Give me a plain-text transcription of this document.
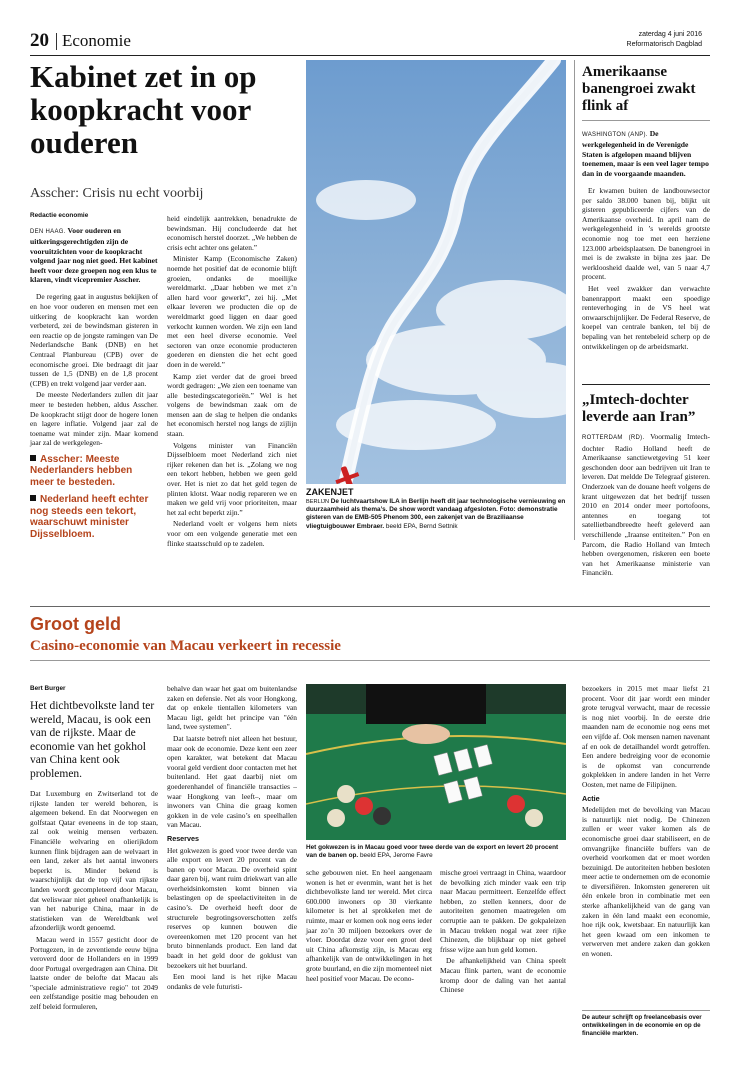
20 Economie	zaterdag 4 juni 2016
Reformatorisch Dagblad
Kabinet zet in op koopkracht voor ouderen
Asscher: Crisis nu echt voorbij
Redactie economie
DEN HAAG. Voor ouderen en uitkeringsgerechtigden zijn de vooruitzichten voor de koopkracht volgend jaar nog niet goed. Het kabinet heeft voor deze groepen nog een klus te klaren, vindt vicepremier Asscher.

De regering gaat in augustus bekijken of en hoe voor ouderen en mensen met een uitkering de koopkracht kan worden verbeterd, zei de bewindsman gisteren in een reactie op de jongste ramingen van De Nederlandsche Bank (DNB) en het Centraal Planbureau (CPB) over de economische groei. Die bedraagt dit jaar tussen de 1,5 (DNB) en de 1,8 procent (CPB) en trekt volgend jaar verder aan.

De meeste Nederlanders zullen dit jaar meer te besteden hebben, aldus Asscher. De koopkracht stijgt door de hogere lonen en lagere inflatie. Volgend jaar zal de toename wat minder zijn. Maar komend jaar zal de werkgelegen-

Asscher: Meeste Nederlanders hebben meer te besteden.
Nederland heeft echter nog steeds een tekort, waarschuwt minister Dijsselbloem.

heid eindelijk aantrekken, benadrukte de bewindsman. Hij concludeerde dat het economisch herstel doorzet. „We hebben de crisis echt achter ons gelaten.”

Minister Kamp (Economische Zaken) noemde het positief dat de economie blijft groeien, ondanks de moeilijke wereldmarkt. „Daar hebben we met z’n allen hard voor gewerkt”, zei hij. „Met elkaar leveren we producten die op de wereldmarkt goed liggen en daar goed verkocht kunnen worden. We zijn een land met een heel diverse economie. Veel sectoren van onze economie producteren goederen en diensten die het echt goed doen in de wereld.”

Kamp ziet verder dat de groei breed wordt gedragen: „We zien een toename van alle bestedingscategorieën.” Wel is het volgens de bewindsman zaak om de mensen aan de slag te helpen die ondanks het economisch herstel nog langs de zijlijn staan.

Volgens minister van Financiën Dijsselbloem moet Nederland zich niet rijker rekenen dan het is. „Zolang we nog een tekort hebben, hebben we geen geld over. Het is niet zo dat het geld tegen de plinten klotst. Waar nodig repareren we en maken we geld vrij voor prioriteiten, maar het zal echt beperkt zijn.”

Nederland voelt er volgens hem niets voor om een volgende generatie met een flinke staatsschuld op te zadelen.

ZAKENJET
BERLIJN De luchtvaartshow ILA in Berlijn heeft dit jaar technologische vernieuwing en duurzaamheid als thema’s. De show wordt vandaag afgesloten. Foto: demonstratie gisteren van de EMB-505 Phenom 300, een zakenjet van de Braziliaanse vliegtuigbouwer Embraer. beeld EPA, Bernd Settnik
Amerikaanse banengroei zwakt flink af
WASHINGTON (ANP). De werkgelegenheid in de Verenigde Staten is afgelopen maand blijven toenemen, maar is een veel lager tempo dan in de voorgaande maanden.

Er kwamen buiten de landbouwsector per saldo 38.000 banen bij, blijkt uit gisteren gepubliceerde cijfers van de Amerikaanse overheid. In april nam de werkgelegenheid in ’s werelds grootste economie nog toe met een herziene 123.000 arbeidsplaatsen. De banengroei in mei is de zwakste in bijna zes jaar. De werkloosheid daalde wel, van 5 naar 4,7 procent.

Het veel zwakker dan verwachte banenrapport maakt een spoedige renteverhoging in de VS heel wat onwaarschijnlijker. De Federal Reserve, de koepel van centrale banken, tel bij de bepaling van het rentebeleid scherp op de ontwikkelingen op de arbeidsmarkt.

„Imtech-dochter leverde aan Iran”

ROTTERDAM (RD). Voormalig Imtech-dochter Radio Holland heeft de Amerikaanse sanctiewetgeving 51 keer geschonden door aan bedrijven uit Iran te leveren. Dat meldde De Telegraaf gisteren. Onderzoek van de douane heeft volgens de krant uitgewezen dat het bedrijf tussen 2010 en 2014 onder meer portofoons, antennes en toegang tot satellietbandbreedte heeft geleverd aan verschillende „Iraanse entiteiten.” Pon en Parcom, die Radio Holland van Imtech hebben overgenomen, riskeren een boete van het Amerikaanse ministerie van Financiën.

Groot geld
Casino-economie van Macau verkeert in recessie
Bert Burger
Het dichtbevolkste land ter wereld, Macau, is ook een van de rijkste. Maar de economie van het gokhol van China kent ook problemen.

Dat Luxemburg en Zwitserland tot de rijkste landen ter wereld behoren, is algemeen bekend. En dat Noorwegen en golfstaat Qatar eveneens in de top staan, zal ook weinig mensen verbazen. Financiële welvaring en olierijkdom kunnen flink bijdragen aan de welvaart in een land, zeker als het aantal inwoners beperkt is. Minder bekend is waarschijnlijk dat de top vijf van rijkste landen wordt gecompleteerd door Macau, dat weliswaar niet geheel onafhankelijk is van het naburige China, maar in de statistieken van de Wereldbank wel afzonderlijk wordt genoemd.

Macau werd in 1557 gesticht door de Portugezen, in de zeventiende eeuw bijna veroverd door de Hollanders en in 1999 door Portugal overgedragen aan China. Dit laatste onder de belofte dat Macau als "speciale administratieve regio" tot 2049 een zelfstandige positie mag behouden en zelf beleid formuleren,

behalve dan waar het gaat om buitenlandse zaken en defensie. Net als voor Hongkong, dat op enkele tientallen kilometers van Macau ligt, geldt het principe van "één land, twee systemen".

Dat laatste betreft niet alleen het bestuur, maar ook de economie. Deze kent een zeer open karakter, wat betekent dat Macau vooral geld verdient door contacten met het buitenland. Het gaat daarbij niet om goederenhandel of financiële transacties –waar Hongkong van leeft–, maar om inwoners van China die graag komen gokken in de vele casino’s en speelhallen van Macau.

Reserves

Het gokwezen is goed voor twee derde van alle export en levert 20 procent van de banen op voor Macau. De overheid spint daar garen bij, want ruim driekwart van alle overheidsinkomsten komt binnen via belastingen op de speelactiviteiten in de casino’s. De overheid heeft door de structurele begrotingsoverschotten zelfs reserves op kunnen bouwen die overeenkomen met 120 procent van het bruto binnenlands product. Een land dat baadt in het geld door de goklust van bezoekers uit het buurland.

Een mooi land is het rijke Macau ondanks de vele futuristi-

Het gokwezen is in Macau goed voor twee derde van de export en levert 20 procent van de banen op. beeld EPA, Jerome Favre

sche gebouwen niet. En heel aangenaam wonen is het er evenmin, want het is het dichtbevolkste land ter wereld. Met circa 600.000 inwoners op 30 vierkante kilometer is het al sprokkelen met de ruimte, maar er komen ook nog eens ieder jaar zo’n 30 miljoen bezoekers over de vloer. Doordat deze voor een groot deel uit China afkomstig zijn, is Macau erg afhankelijk van de ontwikkelingen in het grote buurland, en die zijn momenteel niet heel positief voor Macau. De econo-

mische groei vertraagt in China, waardoor de bevolking zich minder vaak een trip naar Macau permitteert. Eenzelfde effect hebben, zo stellen kenners, door de autoriteiten genomen maatregelen om corruptie aan te pakken. De gokpaleizen in Macau trekken nogal wat zeer rijke Chinezen, die blijkbaar op niet geheel frisse wijze aan hun geld komen.

De afhankelijkheid van China speelt Macau flink parten, want de economie kromp door de daling van het aantal Chinese

bezoekers in 2015 met maar liefst 21 procent. Voor dit jaar wordt een minder grote terugval verwacht, maar de recessie is nog niet voorbij. In de eerste drie maanden nam de economie nog eens met een vijfde af. Ook mensen namen navenant af en ook de detailhandel wordt getroffen. Een andere bedreiging voor de economie is de opkomst van concurrende gokplekken in andere landen in het Verre Oosten, met name de Filipijnen.

Actie

Medelijden met de bevolking van Macau is natuurlijk niet nodig. De Chinezen zullen er weer vaker komen als de economische groei daar stabiliseert, en de omvangrijke financiële buffers van de overheid voorkomen dat er moet worden bezuinigd. De autoriteiten hebben besloten meer actie te ondernemen om de economie te diversifiëren. Inkomsten genereren uit één enkele bron in combinatie met een sterke afhankelijkheid van de gang van zaken in één land maakt een economie, hoe rijk ook, kwetsbaar. En natuurlijk kan het geen kwaad om een inkomen te verwerven met andere zaken dan gokken en wonen.

De auteur schrijft op freelancebasis over ontwikkelingen in de economie en op de financiële markten.
